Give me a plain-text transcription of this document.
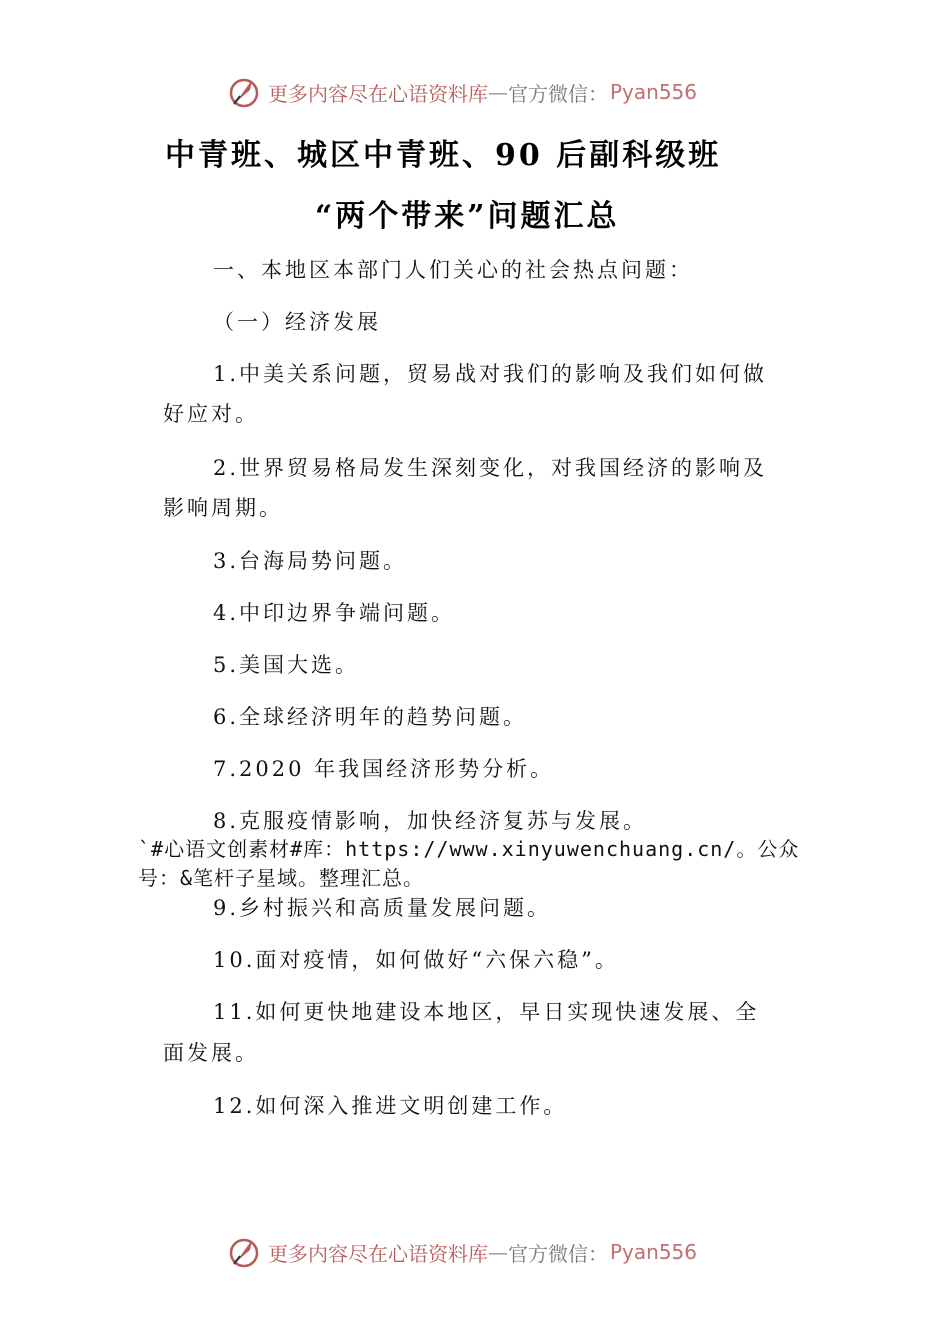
更多内容尽在心语资料库 — 官方微信： Pyan556
中青班、城区中青班、90 后副科级班
“两个带来”问题汇总
一、本地区本部门人们关心的社会热点问题：
（一）经济发展
1.中美关系问题，贸易战对我们的影响及我们如何做
好应对。
2.世界贸易格局发生深刻变化，对我国经济的影响及
影响周期。
3.台海局势问题。
4.中印边界争端问题。
5.美国大选。
6.全球经济明年的趋势问题。
7.2020 年我国经济形势分析。
8.克服疫情影响，加快经济复苏与发展。
`#心语文创素材#库：https://www.xinyuwenchuang.cn/。公众号：&笔杆子星域。整理汇总。
9.乡村振兴和高质量发展问题。
10.面对疫情，如何做好“六保六稳”。
11.如何更快地建设本地区，早日实现快速发展、全
面发展。
12.如何深入推进文明创建工作。
更多内容尽在心语资料库 — 官方微信： Pyan556
